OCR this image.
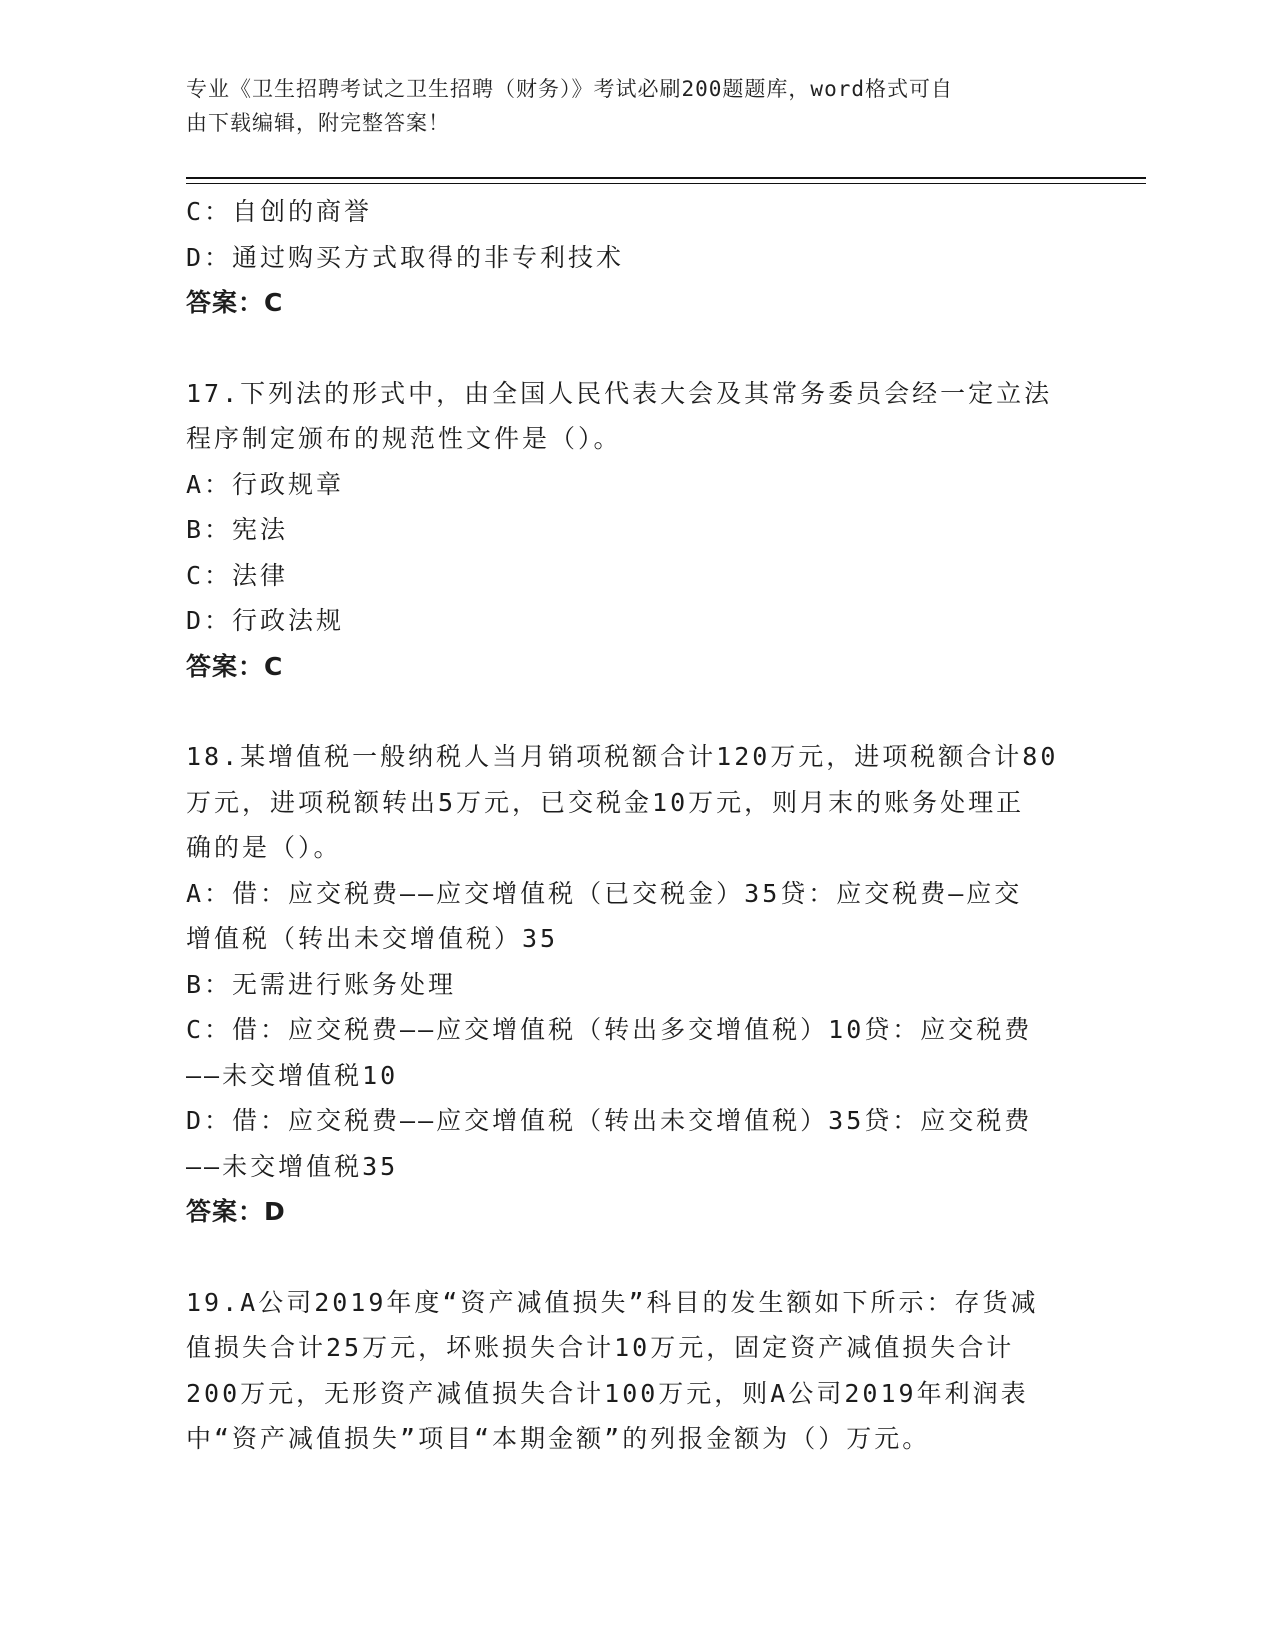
专业《卫生招聘考试之卫生招聘（财务）》考试必刷200题题库，word格式可自
由下载编辑，附完整答案！
C：自创的商誉
D：通过购买方式取得的非专利技术
答案：C
17.下列法的形式中，由全国人民代表大会及其常务委员会经一定立法
程序制定颁布的规范性文件是（）。
A：行政规章
B：宪法
C：法律
D：行政法规
答案：C
18.某增值税一般纳税人当月销项税额合计120万元，进项税额合计80
万元，进项税额转出5万元，已交税金10万元，则月末的账务处理正
确的是（）。
A：借：应交税费——应交增值税（已交税金）35贷：应交税费—应交
增值税（转出未交增值税）35
B：无需进行账务处理
C：借：应交税费——应交增值税（转出多交增值税）10贷：应交税费
——未交增值税10
D：借：应交税费——应交增值税（转出未交增值税）35贷：应交税费
——未交增值税35
答案：D
19.A公司2019年度“资产减值损失”科目的发生额如下所示：存货减
值损失合计25万元，坏账损失合计10万元，固定资产减值损失合计
200万元，无形资产减值损失合计100万元，则A公司2019年利润表
中“资产减值损失”项目“本期金额”的列报金额为（）万元。
